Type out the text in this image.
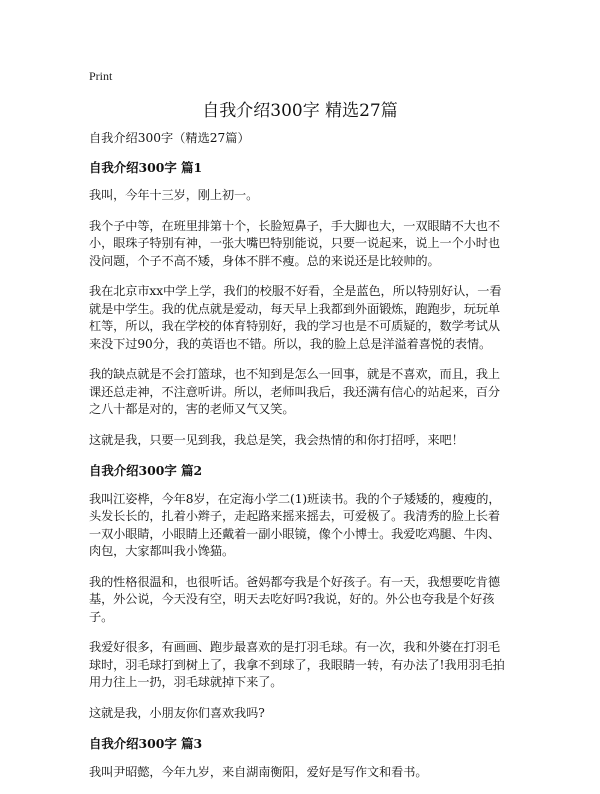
Print
自我介绍300字 精选27篇

自我介绍300字（精选27篇）

自我介绍300字 篇1

我叫，今年十三岁，刚上初一。

我个子中等，在班里排第十个，长脸短鼻子，手大脚也大，一双眼睛不大也不小，眼珠子特别有神，一张大嘴巴特别能说，只要一说起来，说上一个小时也没问题，个子不高不矮，身体不胖不瘦。总的来说还是比较帅的。

我在北京市xx中学上学，我们的校服不好看，全是蓝色，所以特别好认，一看就是中学生。我的优点就是爱动，每天早上我都到外面锻炼，跑跑步，玩玩单杠等，所以，我在学校的体育特别好，我的学习也是不可质疑的，数学考试从来没下过90分，我的英语也不错。所以，我的脸上总是洋溢着喜悦的表情。

我的缺点就是不会打篮球，也不知到是怎么一回事，就是不喜欢，而且，我上课还总走神，不注意听讲。所以，老师叫我后，我还满有信心的站起来，百分之八十都是对的，害的老师又气又笑。

这就是我，只要一见到我，我总是笑，我会热情的和你打招呼，来吧！

自我介绍300字 篇2

我叫江姿桦，今年8岁，在定海小学二(1)班读书。我的个子矮矮的，瘦瘦的，头发长长的，扎着小辫子，走起路来摇来摇去，可爱极了。我清秀的脸上长着一双小眼睛，小眼睛上还戴着一副小眼镜，像个小博士。我爱吃鸡腿、牛肉、肉包，大家都叫我小馋猫。

我的性格很温和，也很听话。爸妈都夸我是个好孩子。有一天，我想要吃肯德基，外公说，今天没有空，明天去吃好吗?我说，好的。外公也夸我是个好孩子。

我爱好很多，有画画、跑步最喜欢的是打羽毛球。有一次，我和外婆在打羽毛球时，羽毛球打到树上了，我拿不到球了，我眼睛一转，有办法了!我用羽毛拍用力往上一扔，羽毛球就掉下来了。

这就是我，小朋友你们喜欢我吗?

自我介绍300字 篇3

我叫尹昭懿，今年九岁，来自湖南衡阳，爱好是写作文和看书。
